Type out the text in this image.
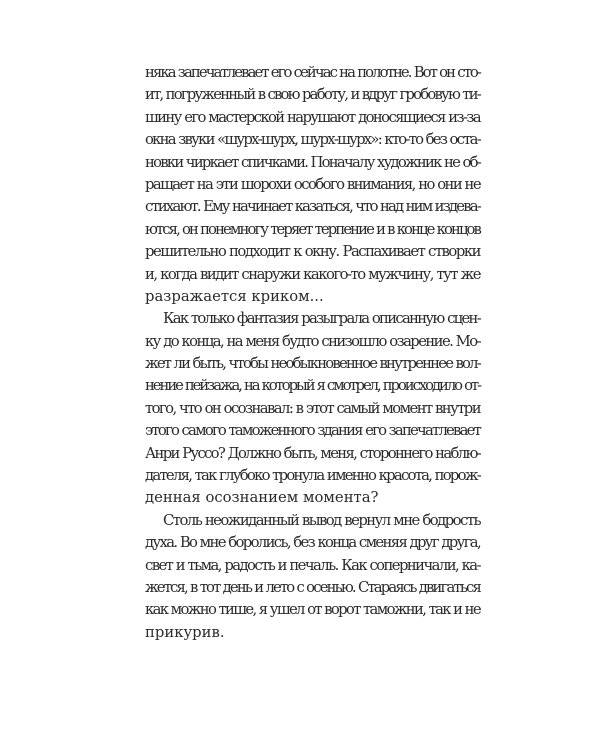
няка запечатлевает его сейчас на полотне. Вот он сто-
ит, погруженный в свою работу, и вдруг гробовую ти-
шину его мастерской нарушают доносящиеся из-за
окна звуки «шурх-шурх, шурх-шурх»: кто-то без оста-
новки чиркает спичками. Поначалу художник не об-
ращает на эти шорохи особого внимания, но они не
стихают. Ему начинает казаться, что над ним издева-
ются, он понемногу теряет терпение и в конце концов
решительно подходит к окну. Распахивает створки
и, когда видит снаружи какого-то мужчину, тут же
разражается криком...
Как только фантазия разыграла описанную сцен-
ку до конца, на меня будто снизошло озарение. Мо-
жет ли быть, чтобы необыкновенное внутреннее вол-
нение пейзажа, на который я смотрел, происходило от-
того, что он осознавал: в этот самый момент внутри
этого самого таможенного здания его запечатлевает
Анри Руссо? Должно быть, меня, стороннего наблю-
дателя, так глубоко тронула именно красота, порож-
денная осознанием момента?
Столь неожиданный вывод вернул мне бодрость
духа. Во мне боролись, без конца сменяя друг друга,
свет и тьма, радость и печаль. Как соперничали, ка-
жется, в тот день и лето с осенью. Стараясь двигаться
как можно тише, я ушел от ворот таможни, так и не
прикурив.
